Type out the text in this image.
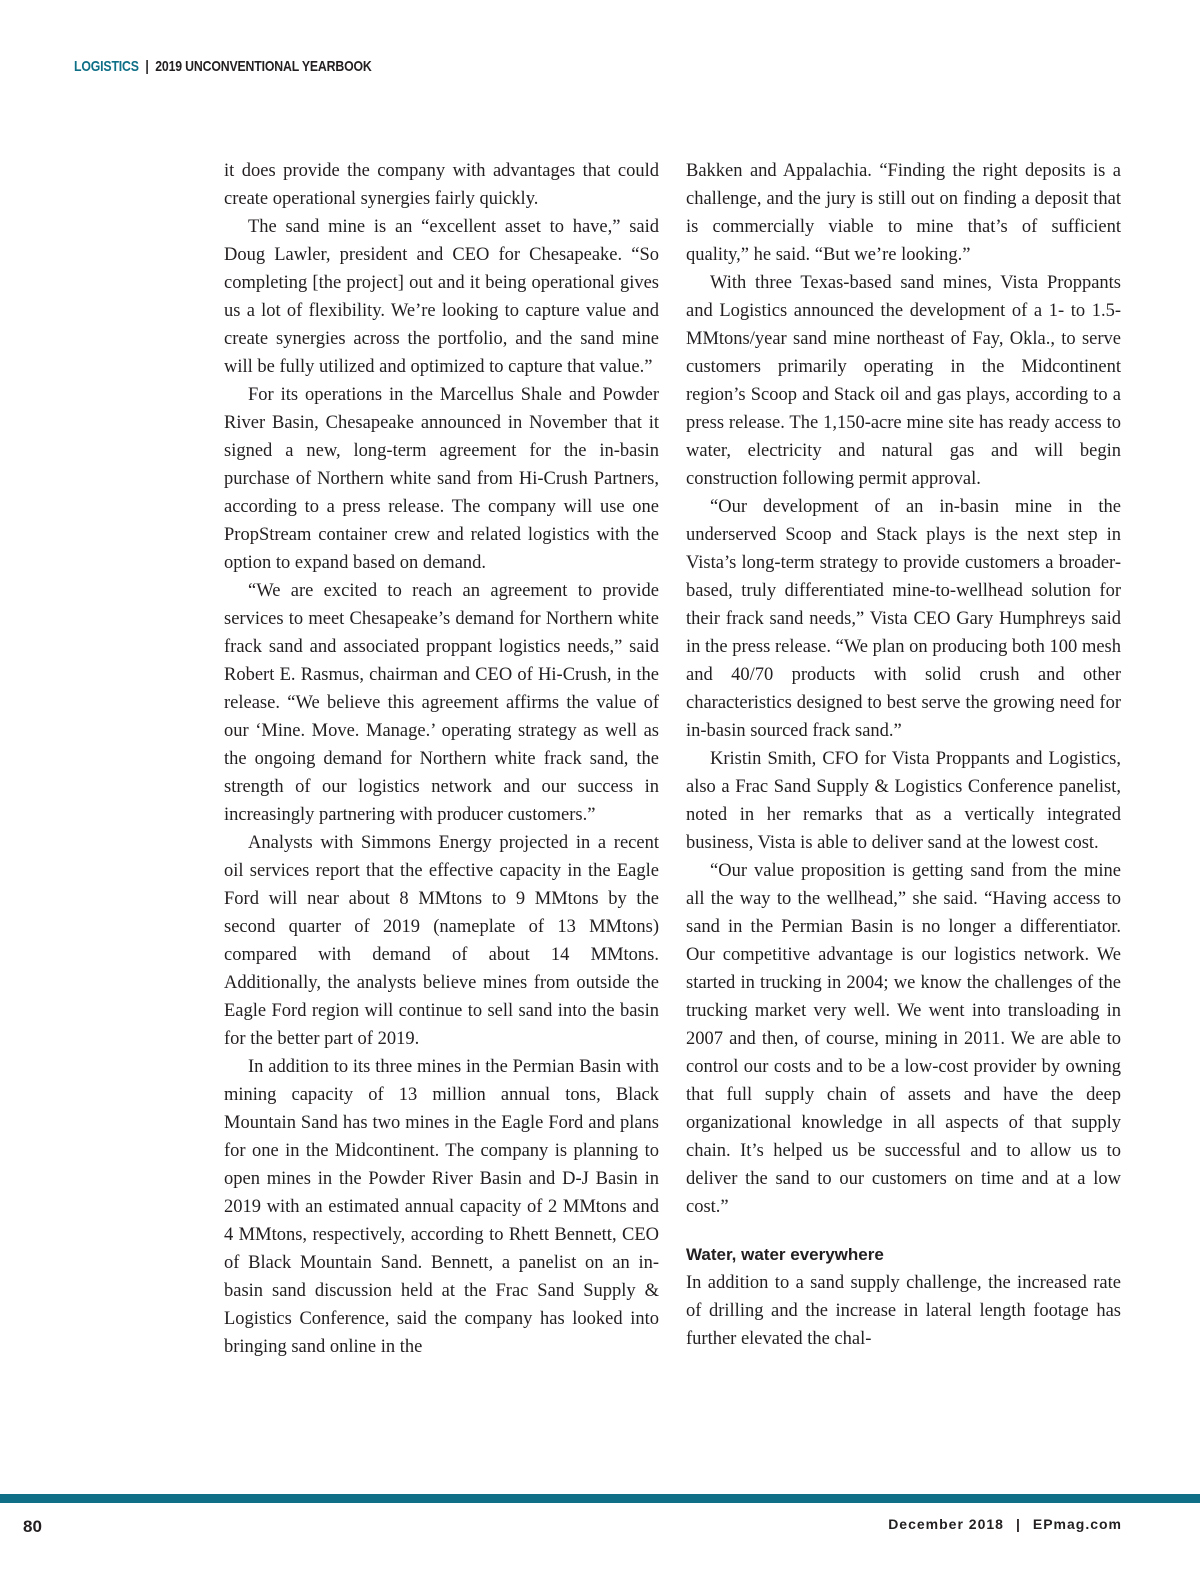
LOGISTICS | 2019 UNCONVENTIONAL YEARBOOK

it does provide the company with advantages that could create operational synergies fairly quickly.

The sand mine is an “excellent asset to have,” said Doug Lawler, president and CEO for Chesapeake. “So completing [the project] out and it being operational gives us a lot of flexibility. We’re looking to capture value and create synergies across the portfolio, and the sand mine will be fully utilized and optimized to capture that value.”

For its operations in the Marcellus Shale and Powder River Basin, Chesapeake announced in November that it signed a new, long-term agreement for the in-basin purchase of Northern white sand from Hi-Crush Partners, according to a press release. The company will use one PropStream container crew and related logistics with the option to expand based on demand.

“We are excited to reach an agreement to provide services to meet Chesapeake’s demand for Northern white frack sand and associated proppant logistics needs,” said Robert E. Rasmus, chairman and CEO of Hi-Crush, in the release. “We believe this agreement affirms the value of our ‘Mine. Move. Manage.’ operating strategy as well as the ongoing demand for Northern white frack sand, the strength of our logistics network and our success in increasingly partnering with producer customers.”

Analysts with Simmons Energy projected in a recent oil services report that the effective capacity in the Eagle Ford will near about 8 MMtons to 9 MMtons by the second quarter of 2019 (nameplate of 13 MMtons) compared with demand of about 14 MMtons. Additionally, the analysts believe mines from outside the Eagle Ford region will continue to sell sand into the basin for the better part of 2019.

In addition to its three mines in the Permian Basin with mining capacity of 13 million annual tons, Black Mountain Sand has two mines in the Eagle Ford and plans for one in the Midcontinent. The company is planning to open mines in the Powder River Basin and D-J Basin in 2019 with an estimated annual capacity of 2 MMtons and 4 MMtons, respectively, according to Rhett Bennett, CEO of Black Mountain Sand. Bennett, a panelist on an in-basin sand discussion held at the Frac Sand Supply & Logistics Conference, said the company has looked into bringing sand online in the

Bakken and Appalachia. “Finding the right deposits is a challenge, and the jury is still out on finding a deposit that is commercially viable to mine that’s of sufficient quality,” he said. “But we’re looking.”

With three Texas-based sand mines, Vista Proppants and Logistics announced the development of a 1- to 1.5-MMtons/year sand mine northeast of Fay, Okla., to serve customers primarily operating in the Midcontinent region’s Scoop and Stack oil and gas plays, according to a press release. The 1,150-acre mine site has ready access to water, electricity and natural gas and will begin construction following permit approval.

“Our development of an in-basin mine in the underserved Scoop and Stack plays is the next step in Vista’s long-term strategy to provide customers a broader-based, truly differentiated mine-to-wellhead solution for their frack sand needs,” Vista CEO Gary Humphreys said in the press release. “We plan on producing both 100 mesh and 40/70 products with solid crush and other characteristics designed to best serve the growing need for in-basin sourced frack sand.”

Kristin Smith, CFO for Vista Proppants and Logistics, also a Frac Sand Supply & Logistics Conference panelist, noted in her remarks that as a vertically integrated business, Vista is able to deliver sand at the lowest cost.

“Our value proposition is getting sand from the mine all the way to the wellhead,” she said. “Having access to sand in the Permian Basin is no longer a differentiator. Our competitive advantage is our logistics network. We started in trucking in 2004; we know the challenges of the trucking market very well. We went into transloading in 2007 and then, of course, mining in 2011. We are able to control our costs and to be a low-cost provider by owning that full supply chain of assets and have the deep organizational knowledge in all aspects of that supply chain. It’s helped us be successful and to allow us to deliver the sand to our customers on time and at a low cost.”

Water, water everywhere

In addition to a sand supply challenge, the increased rate of drilling and the increase in lateral length footage has further elevated the chal-

80	December 2018 | EPmag.com
